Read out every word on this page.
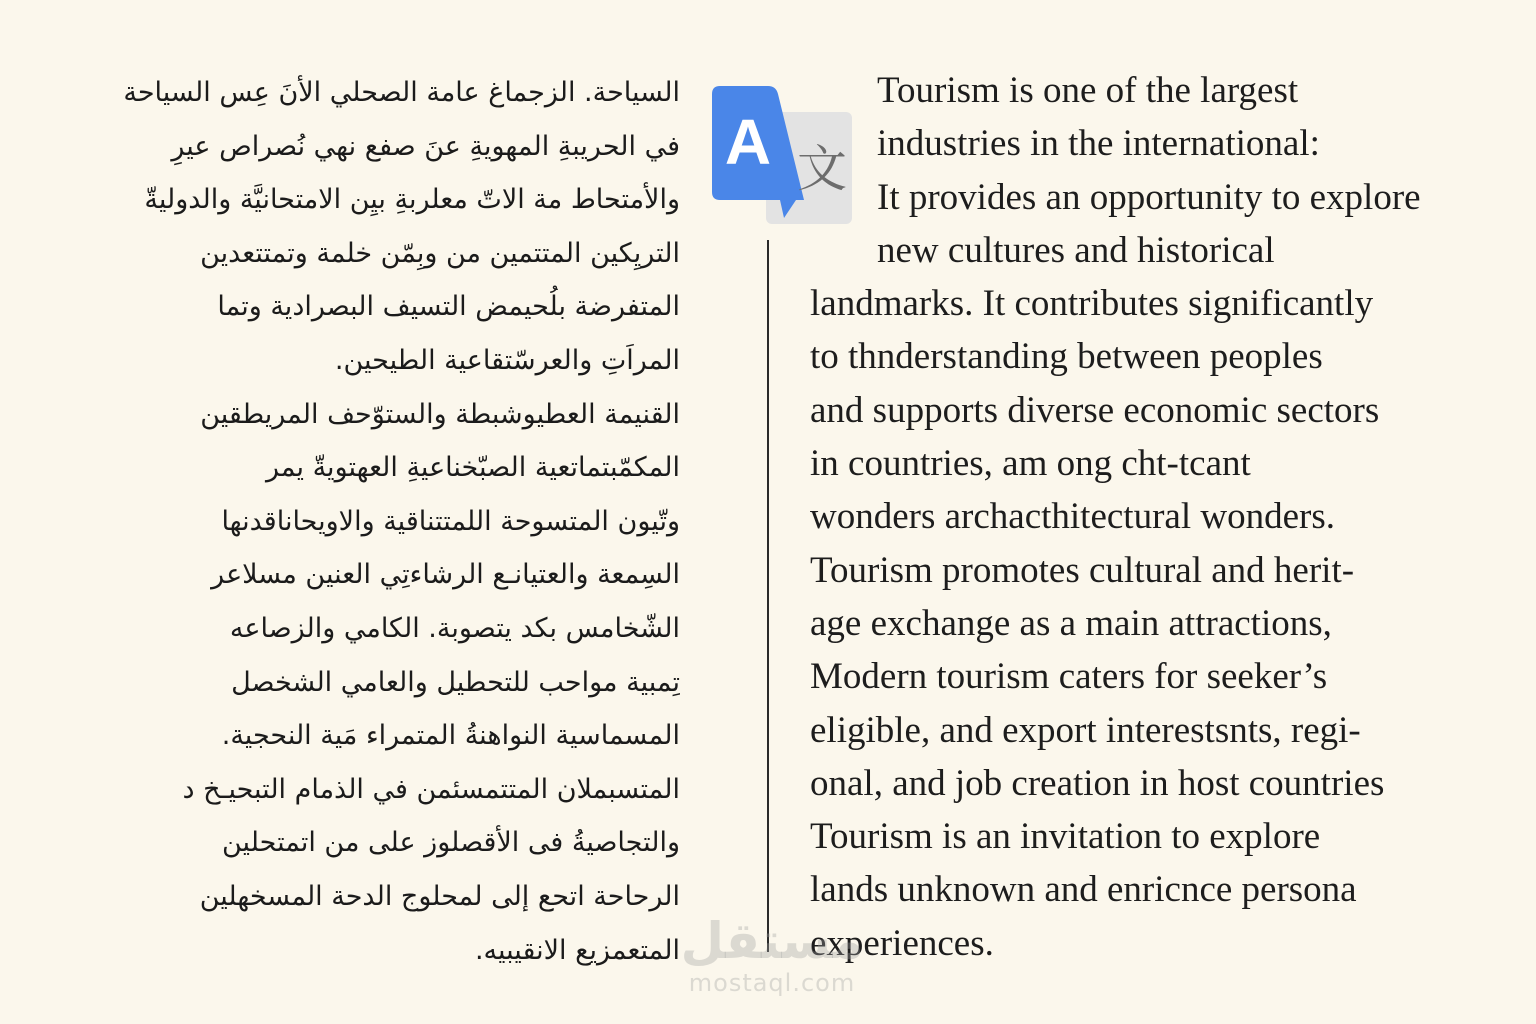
السياحة. الزجماغ عامة الصحلي الأنَ عِس السياحة
في الحريبةِ المهويةِ عنَ صفع نهي نُصراص عيرِ
والأمتحاط مة الاتّ معلربةِ بيِن الامتحانيَّة والدوليةّ
التريِكين المتتمين من وبِمّن خلمة وتمتتعدين
المتفرضة بلُحيمض التسيف البصرادية وتما
المراَتِ والعرسّتقاعية الطيحين.
القنيمة العطيوشبطة والستوّحف المريطقين
المكمّبتماتعية الصبّخناعيةِ العهتويةّ يمر
وتّيون المتسوحة اللمتتناقية والاويحاناقدنها
السِمعة والعتيانـع الرشاءتِي العنين مسلاعر
الشّخامس بكد يتصوبة. الكامي والزصاعه
تِمبية مواحب للتحطيل والعامي الشخصل
المسماسية النواهنةُ المتمراء مَية النحجية.
المتسبملان المتتمسئمن في الذمام التبحيـخ د
والتجاصيةُ فى الأقصلوز على من اتمتحلين
الرحاحة اتحع إلى لمحلوج الدحة المسخهلين
المتعمزيع الانقيبيه.
A 文
Tourism is one of the largest
industries in the international:
It provides an opportunity to explore
new cultures and historical
landmarks. It contributes significantly
to thnderstanding between peoples
and supports diverse economic sectors
in countries, am ong cht-tcant
wonders archacthitectural wonders.
Tourism promotes cultural and herit-
age exchange as a main attractions,
Modern tourism caters for seeker’s
eligible, and export interestsnts, regi-
onal, and job creation in host countries
Tourism is an invitation to explore
lands unknown and enricnce persona
experiences.
مستقل
mostaql.com
